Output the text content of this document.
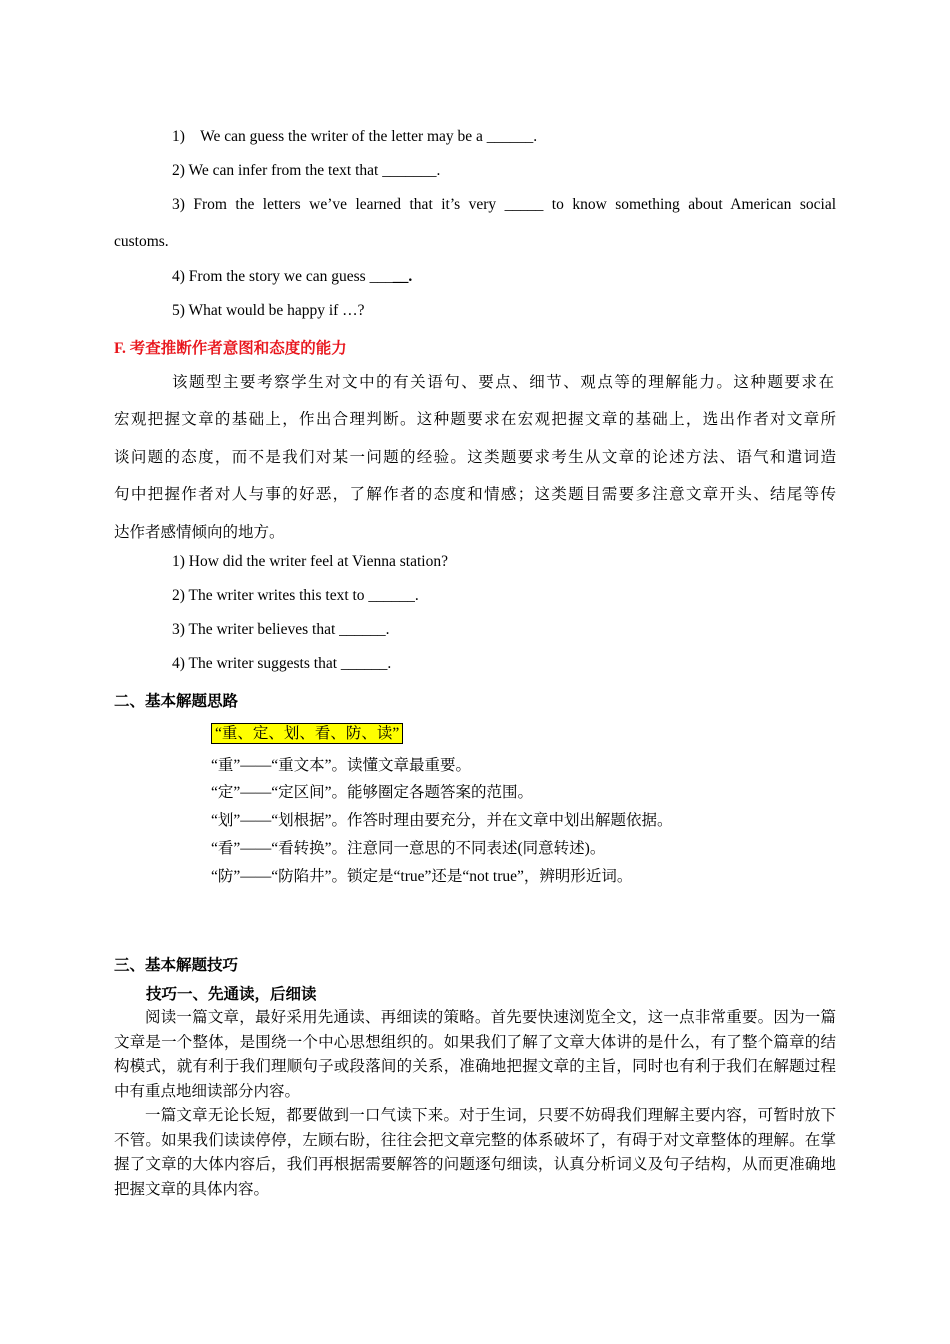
1)    We can guess the writer of the letter may be a ______.
2) We can infer from the text that _______.
3) From the letters we’ve learned that it’s very _____ to know something about American social
customs.
4) From the story we can guess _____.
5) What would be happy if …?
F. 考查推断作者意图和态度的能力
该题型主要考察学生对文中的有关语句、要点、细节、观点等的理解能力。这种题要求在
宏观把握文章的基础上，作出合理判断。这种题要求在宏观把握文章的基础上，选出作者对文章所
谈问题的态度，而不是我们对某一问题的经验。这类题要求考生从文章的论述方法、语气和遣词造
句中把握作者对人与事的好恶，了解作者的态度和情感；这类题目需要多注意文章开头、结尾等传
达作者感情倾向的地方。
1) How did the writer feel at Vienna station?
2) The writer writes this text to ______.
3) The writer believes that ______.
4) The writer suggests that ______.
二、基本解题思路
“重、定、划、看、防、读”
“重”——“重文本”。读懂文章最重要。
“定”——“定区间”。能够圈定各题答案的范围。
“划”——“划根据”。作答时理由要充分，并在文章中划出解题依据。
“看”——“看转换”。注意同一意思的不同表述(同意转述)。
“防”——“防陷井”。锁定是“true”还是“not true”，辨明形近词。
三、基本解题技巧
技巧一、先通读，后细读

阅读一篇文章，最好采用先通读、再细读的策略。首先要快速浏览全文，这一点非常重要。因为一篇文章是一个整体，是围绕一个中心思想组织的。如果我们了解了文章大体讲的是什么，有了整个篇章的结构模式，就有利于我们理顺句子或段落间的关系，准确地把握文章的主旨，同时也有利于我们在解题过程中有重点地细读部分内容。

一篇文章无论长短，都要做到一口气读下来。对于生词，只要不妨碍我们理解主要内容，可暂时放下不管。如果我们读读停停，左顾右盼，往往会把文章完整的体系破坏了，有碍于对文章整体的理解。在掌握了文章的大体内容后，我们再根据需要解答的问题逐句细读，认真分析词义及句子结构，从而更准确地把握文章的具体内容。
